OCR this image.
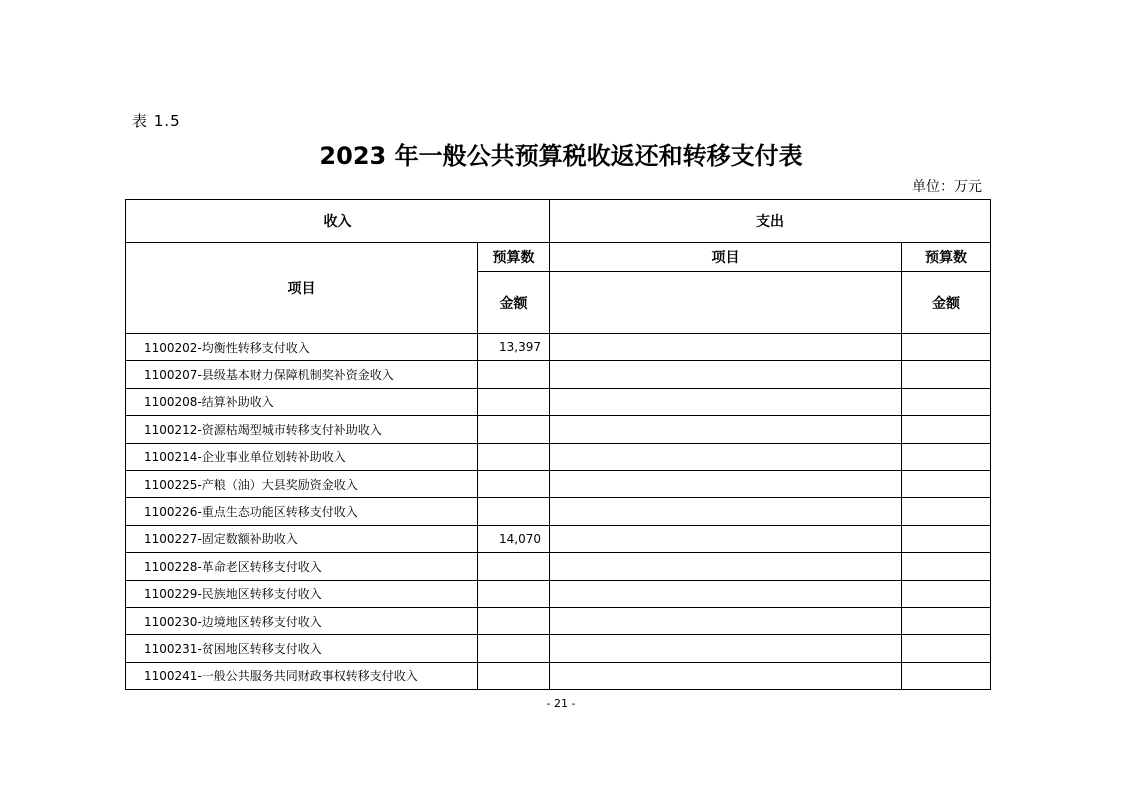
表 1.5
2023 年一般公共预算税收返还和转移支付表
单位：万元
收入		支出	
项目	预算数	项目	预算数
	金额		金额
1100202-均衡性转移支付收入	13,397		
1100207-县级基本财力保障机制奖补资金收入			
1100208-结算补助收入			
1100212-资源枯竭型城市转移支付补助收入			
1100214-企业事业单位划转补助收入			
1100225-产粮（油）大县奖励资金收入			
1100226-重点生态功能区转移支付收入			
1100227-固定数额补助收入	14,070		
1100228-革命老区转移支付收入			
1100229-民族地区转移支付收入			
1100230-边境地区转移支付收入			
1100231-贫困地区转移支付收入			
1100241-一般公共服务共同财政事权转移支付收入			
- 21 -
